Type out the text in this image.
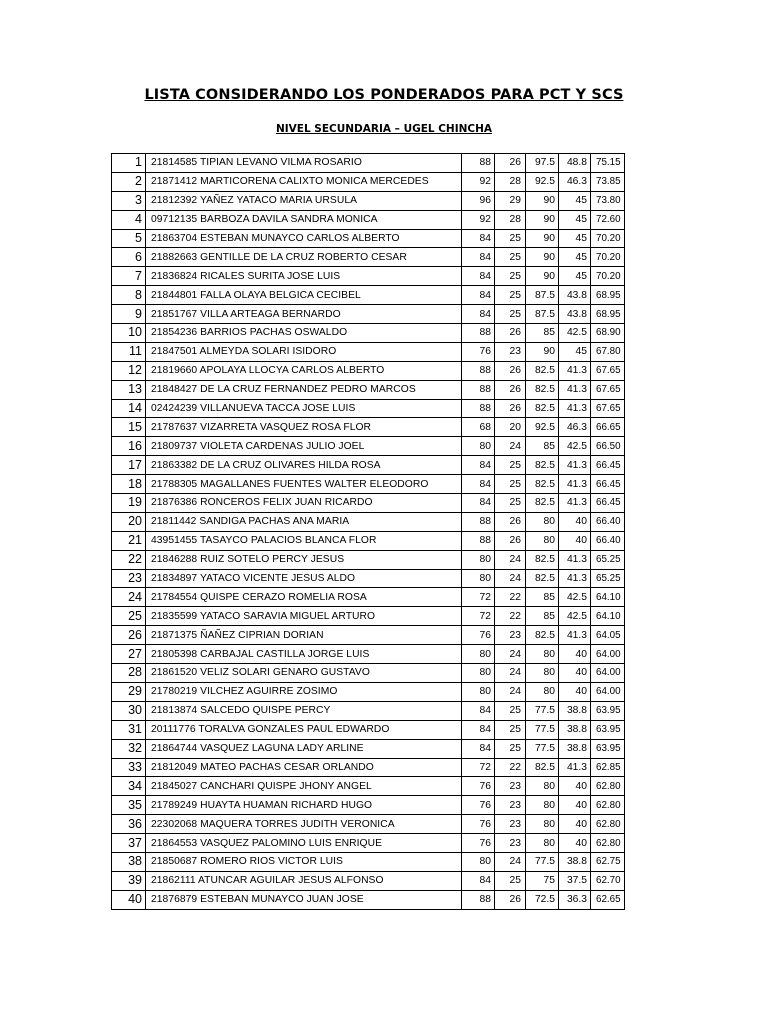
LISTA CONSIDERANDO LOS PONDERADOS PARA PCT Y SCS
NIVEL SECUNDARIA – UGEL CHINCHA
1	21814585 TIPIAN LEVANO VILMA ROSARIO	88	26	97.5	48.8	75.15
2	21871412 MARTICORENA CALIXTO MONICA MERCEDES	92	28	92.5	46.3	73.85
3	21812392 YAÑEZ YATACO MARIA URSULA	96	29	90	45	73.80
4	09712135 BARBOZA DAVILA SANDRA MONICA	92	28	90	45	72.60
5	21863704 ESTEBAN MUNAYCO CARLOS ALBERTO	84	25	90	45	70.20
6	21882663 GENTILLE DE LA CRUZ ROBERTO CESAR	84	25	90	45	70.20
7	21836824 RICALES SURITA JOSE LUIS	84	25	90	45	70.20
8	21844801 FALLA OLAYA BELGICA CECIBEL	84	25	87.5	43.8	68.95
9	21851767 VILLA ARTEAGA BERNARDO	84	25	87.5	43.8	68.95
10	21854236 BARRIOS PACHAS OSWALDO	88	26	85	42.5	68.90
11	21847501 ALMEYDA SOLARI ISIDORO	76	23	90	45	67.80
12	21819660 APOLAYA LLOCYA CARLOS ALBERTO	88	26	82.5	41.3	67.65
13	21848427 DE LA CRUZ FERNANDEZ PEDRO MARCOS	88	26	82.5	41.3	67.65
14	02424239 VILLANUEVA TACCA JOSE LUIS	88	26	82.5	41.3	67.65
15	21787637 VIZARRETA VASQUEZ ROSA FLOR	68	20	92.5	46.3	66.65
16	21809737 VIOLETA CARDENAS JULIO JOEL	80	24	85	42.5	66.50
17	21863382 DE LA CRUZ OLIVARES HILDA ROSA	84	25	82.5	41.3	66.45
18	21788305 MAGALLANES FUENTES WALTER ELEODORO	84	25	82.5	41.3	66.45
19	21876386 RONCEROS FELIX JUAN RICARDO	84	25	82.5	41.3	66.45
20	21811442 SANDIGA PACHAS ANA MARIA	88	26	80	40	66.40
21	43951455 TASAYCO PALACIOS BLANCA FLOR	88	26	80	40	66.40
22	21846288 RUIZ SOTELO PERCY JESUS	80	24	82.5	41.3	65.25
23	21834897 YATACO VICENTE JESUS ALDO	80	24	82.5	41.3	65.25
24	21784554 QUISPE CERAZO ROMELIA ROSA	72	22	85	42.5	64.10
25	21835599 YATACO SARAVIA MIGUEL ARTURO	72	22	85	42.5	64.10
26	21871375 ÑAÑEZ CIPRIAN DORIAN	76	23	82.5	41.3	64.05
27	21805398 CARBAJAL CASTILLA JORGE LUIS	80	24	80	40	64.00
28	21861520 VELIZ SOLARI GENARO GUSTAVO	80	24	80	40	64.00
29	21780219 VILCHEZ AGUIRRE ZOSIMO	80	24	80	40	64.00
30	21813874 SALCEDO QUISPE PERCY	84	25	77.5	38.8	63.95
31	20111776 TORALVA GONZALES PAUL EDWARDO	84	25	77.5	38.8	63.95
32	21864744 VASQUEZ LAGUNA LADY ARLINE	84	25	77.5	38.8	63.95
33	21812049 MATEO PACHAS CESAR ORLANDO	72	22	82.5	41.3	62.85
34	21845027 CANCHARI QUISPE JHONY ANGEL	76	23	80	40	62.80
35	21789249 HUAYTA HUAMAN RICHARD HUGO	76	23	80	40	62.80
36	22302068 MAQUERA TORRES JUDITH VERONICA	76	23	80	40	62.80
37	21864553 VASQUEZ PALOMINO LUIS ENRIQUE	76	23	80	40	62.80
38	21850687 ROMERO RIOS VICTOR LUIS	80	24	77.5	38.8	62.75
39	21862111 ATUNCAR AGUILAR JESUS ALFONSO	84	25	75	37.5	62.70
40	21876879 ESTEBAN MUNAYCO JUAN JOSE	88	26	72.5	36.3	62.65
